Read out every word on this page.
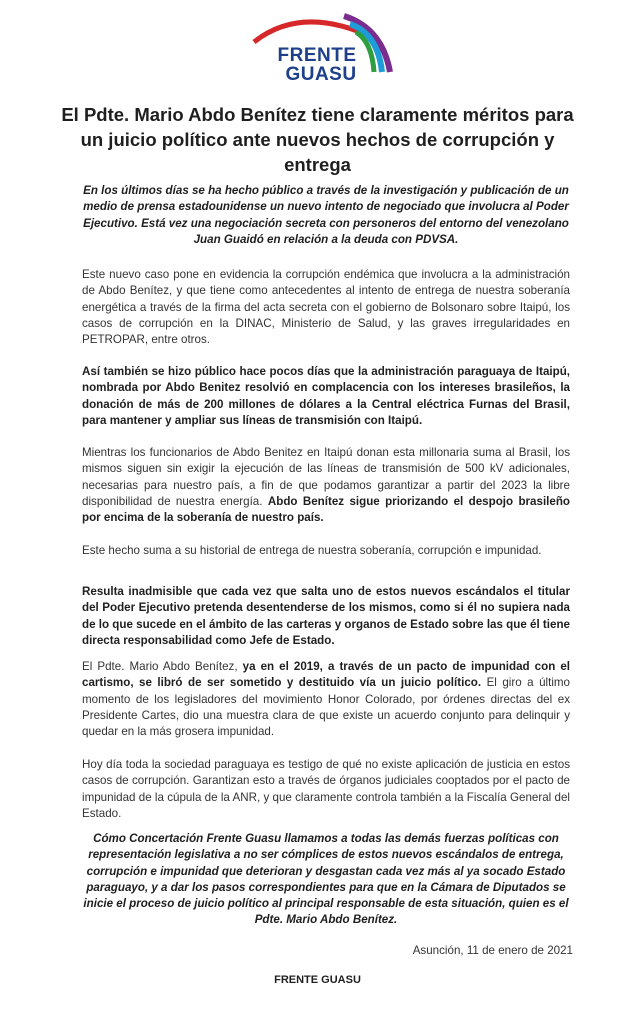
FRENTE
GUASU
El Pdte. Mario Abdo Benítez tiene claramente méritos para un juicio político ante nuevos hechos de corrupción y entrega
En los últimos días se ha hecho público a través de la investigación y publicación de un medio de prensa estadounidense un nuevo intento de negociado que involucra al Poder Ejecutivo. Está vez una negociación secreta con personeros del entorno del venezolano Juan Guaidó en relación a la deuda con PDVSA.
Este nuevo caso pone en evidencia la corrupción endémica que involucra a la administración de Abdo Benítez, y que tiene como antecedentes al intento de entrega de nuestra soberanía energética a través de la firma del acta secreta con el gobierno de Bolsonaro sobre Itaipú, los casos de corrupción en la DINAC, Ministerio de Salud, y las graves irregularidades en PETROPAR, entre otros.
Así también se hizo público hace pocos días que la administración paraguaya de Itaipú, nombrada por Abdo Benitez resolvió en complacencia con los intereses brasileños, la donación de más de 200 millones de dólares a la Central eléctrica Furnas del Brasil, para mantener y ampliar sus líneas de transmisión con Itaipú.
Mientras los funcionarios de Abdo Benitez en Itaipú donan esta millonaria suma al Brasil, los mismos siguen sin exigir la ejecución de las líneas de transmisión de 500 kV adicionales, necesarias para nuestro país, a fin de que podamos garantizar a partir del 2023 la libre disponibilidad de nuestra energía. Abdo Benítez sigue priorizando el despojo brasileño por encima de la soberanía de nuestro país.
Este hecho suma a su historial de entrega de nuestra soberanía, corrupción e impunidad.
Resulta inadmisible que cada vez que salta uno de estos nuevos escándalos el titular del Poder Ejecutivo pretenda desentenderse de los mismos, como si él no supiera nada de lo que sucede en el ámbito de las carteras y organos de Estado sobre las que él tiene directa responsabilidad como Jefe de Estado.
El Pdte. Mario Abdo Benítez, ya en el 2019, a través de un pacto de impunidad con el cartismo, se libró de ser sometido y destituido vía un juicio político. El giro a último momento de los legisladores del movimiento Honor Colorado, por órdenes directas del ex Presidente Cartes, dio una muestra clara de que existe un acuerdo conjunto para delinquir y quedar en la más grosera impunidad.
Hoy día toda la sociedad paraguaya es testigo de qué no existe aplicación de justicia en estos casos de corrupción. Garantizan esto a través de órganos judiciales cooptados por el pacto de impunidad de la cúpula de la ANR, y que claramente controla también a la Fiscalía General del Estado.
Cómo Concertación Frente Guasu llamamos a todas las demás fuerzas políticas con representación legislativa a no ser cómplices de estos nuevos escándalos de entrega, corrupción e impunidad que deterioran y desgastan cada vez más al ya socado Estado paraguayo, y a dar los pasos correspondientes para que en la Cámara de Diputados se inicie el proceso de juicio político al principal responsable de esta situación, quien es el Pdte. Mario Abdo Benítez.
Asunción, 11 de enero de 2021
FRENTE GUASU
